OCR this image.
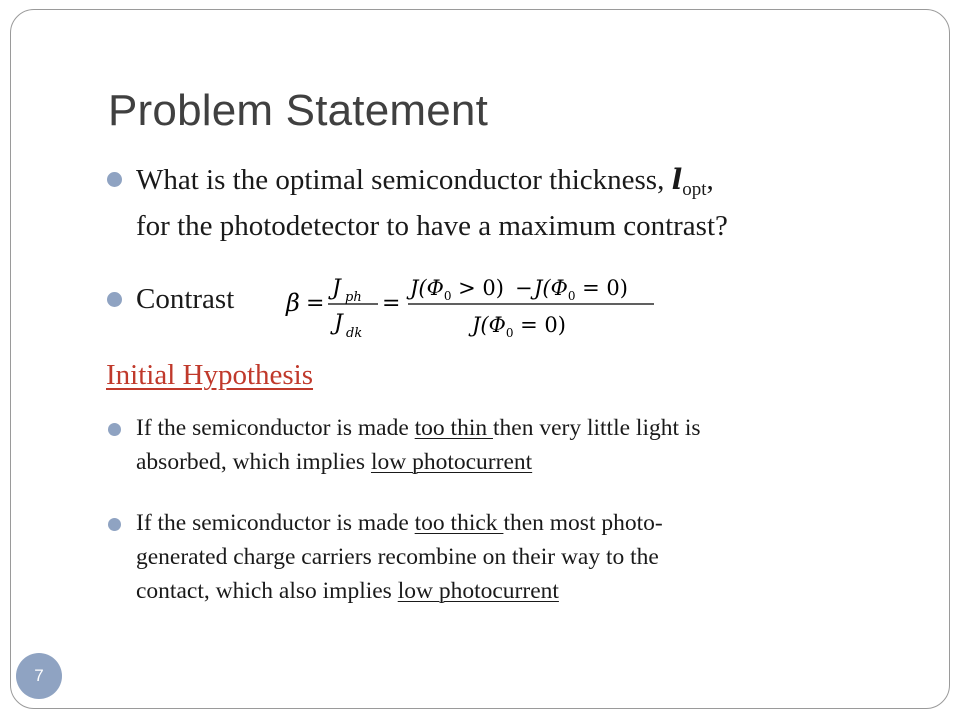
Problem Statement
What is the optimal semiconductor thickness, $l_{opt}$,
for the photodetector to have a maximum contrast?
Contrast β =
J ph
J dk
=
$J(\Phi_0 > 0) - J(\Phi_0 = 0)$
$J(\Phi_0 = 0)$
Initial Hypothesis
If the semiconductor is made too thin then very little light is
absorbed, which implies low photocurrent
If the semiconductor is made too thick then most photo-
generated charge carriers recombine on their way to the
contact, which also implies low photocurrent
7
